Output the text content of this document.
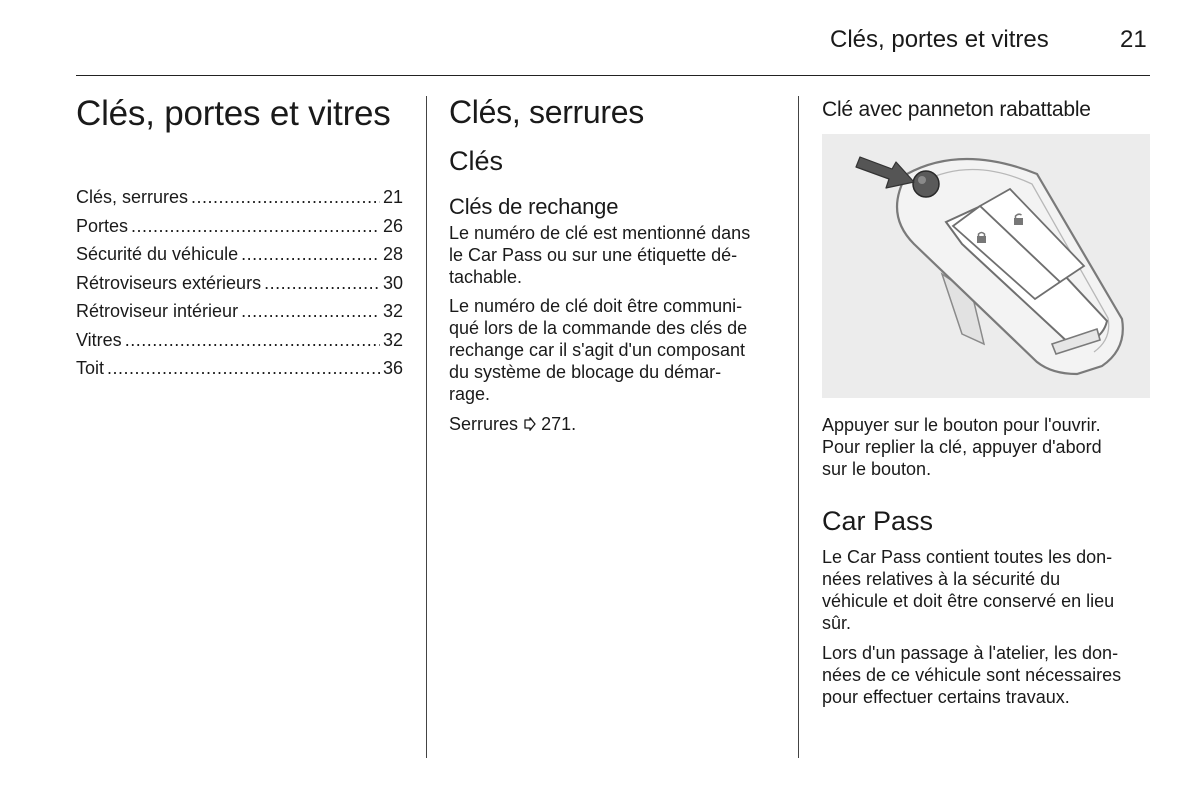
Clés, portes et vitres	21
Clés, portes et vitres
Clés, serrures .....	21
Portes .....	26
Sécurité du véhicule .....	28
Rétroviseurs extérieurs .....	30
Rétroviseur intérieur .....	32
Vitres .....	32
Toit .....	36
Clés, serrures
Clés
Clés de rechange

Le numéro de clé est mentionné dans

le Car Pass ou sur une étiquette dé-

tachable.

Le numéro de clé doit être communi-

qué lors de la commande des clés de

rechange car il s'agit d'un composant

du système de blocage du démar-

rage.

Serrures 271.
Clé avec panneton rabattable

Appuyer sur le bouton pour l'ouvrir.

Pour replier la clé, appuyer d'abord

sur le bouton.

Car Pass

Le Car Pass contient toutes les don-

nées relatives à la sécurité du

véhicule et doit être conservé en lieu

sûr.

Lors d'un passage à l'atelier, les don-

nées de ce véhicule sont nécessaires

pour effectuer certains travaux.
